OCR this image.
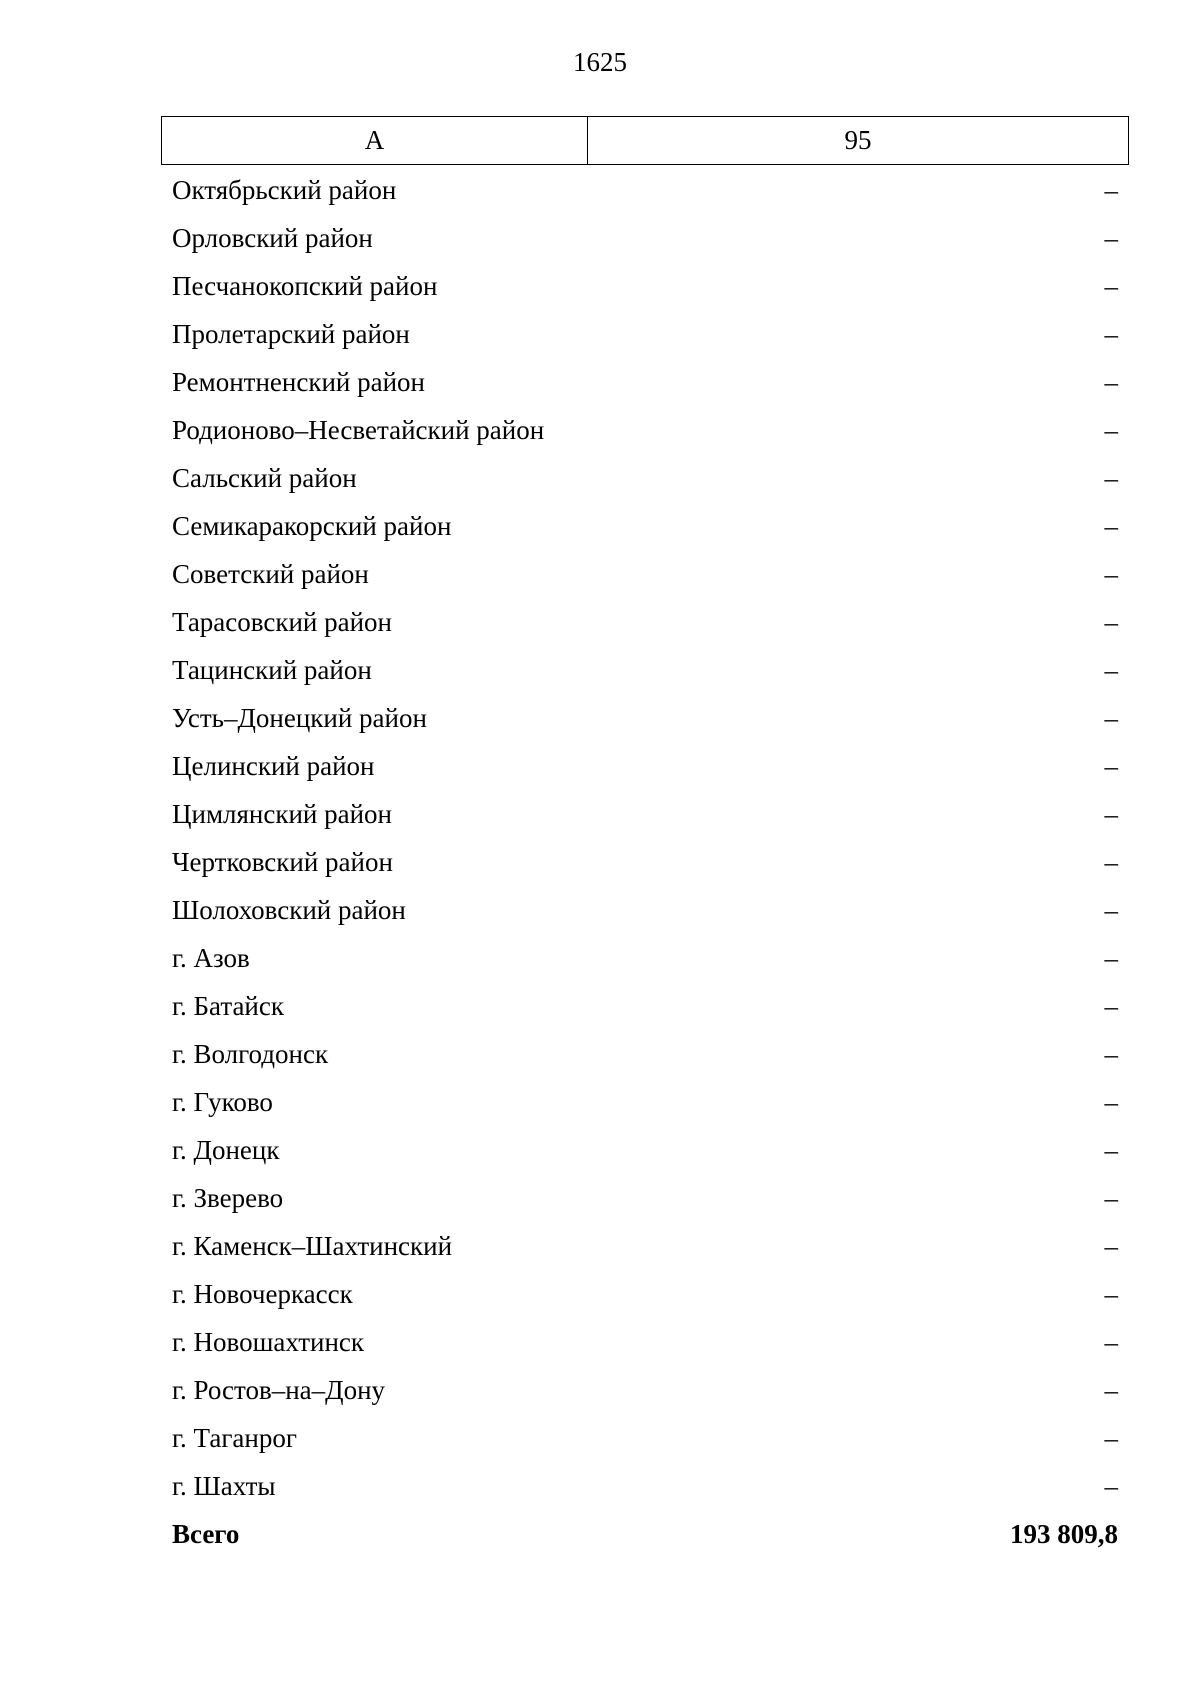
1625
А	95
Октябрьский район	–
Орловский район	–
Песчанокопский район	–
Пролетарский район	–
Ремонтненский район	–
Родионово–Несветайский район	–
Сальский район	–
Семикаракорский район	–
Советский район	–
Тарасовский район	–
Тацинский район	–
Усть–Донецкий район	–
Целинский район	–
Цимлянский район	–
Чертковский район	–
Шолоховский район	–
г. Азов	–
г. Батайск	–
г. Волгодонск	–
г. Гуково	–
г. Донецк	–
г. Зверево	–
г. Каменск–Шахтинский	–
г. Новочеркасск	–
г. Новошахтинск	–
г. Ростов–на–Дону	–
г. Таганрог	–
г. Шахты	–
Всего	193 809,8
